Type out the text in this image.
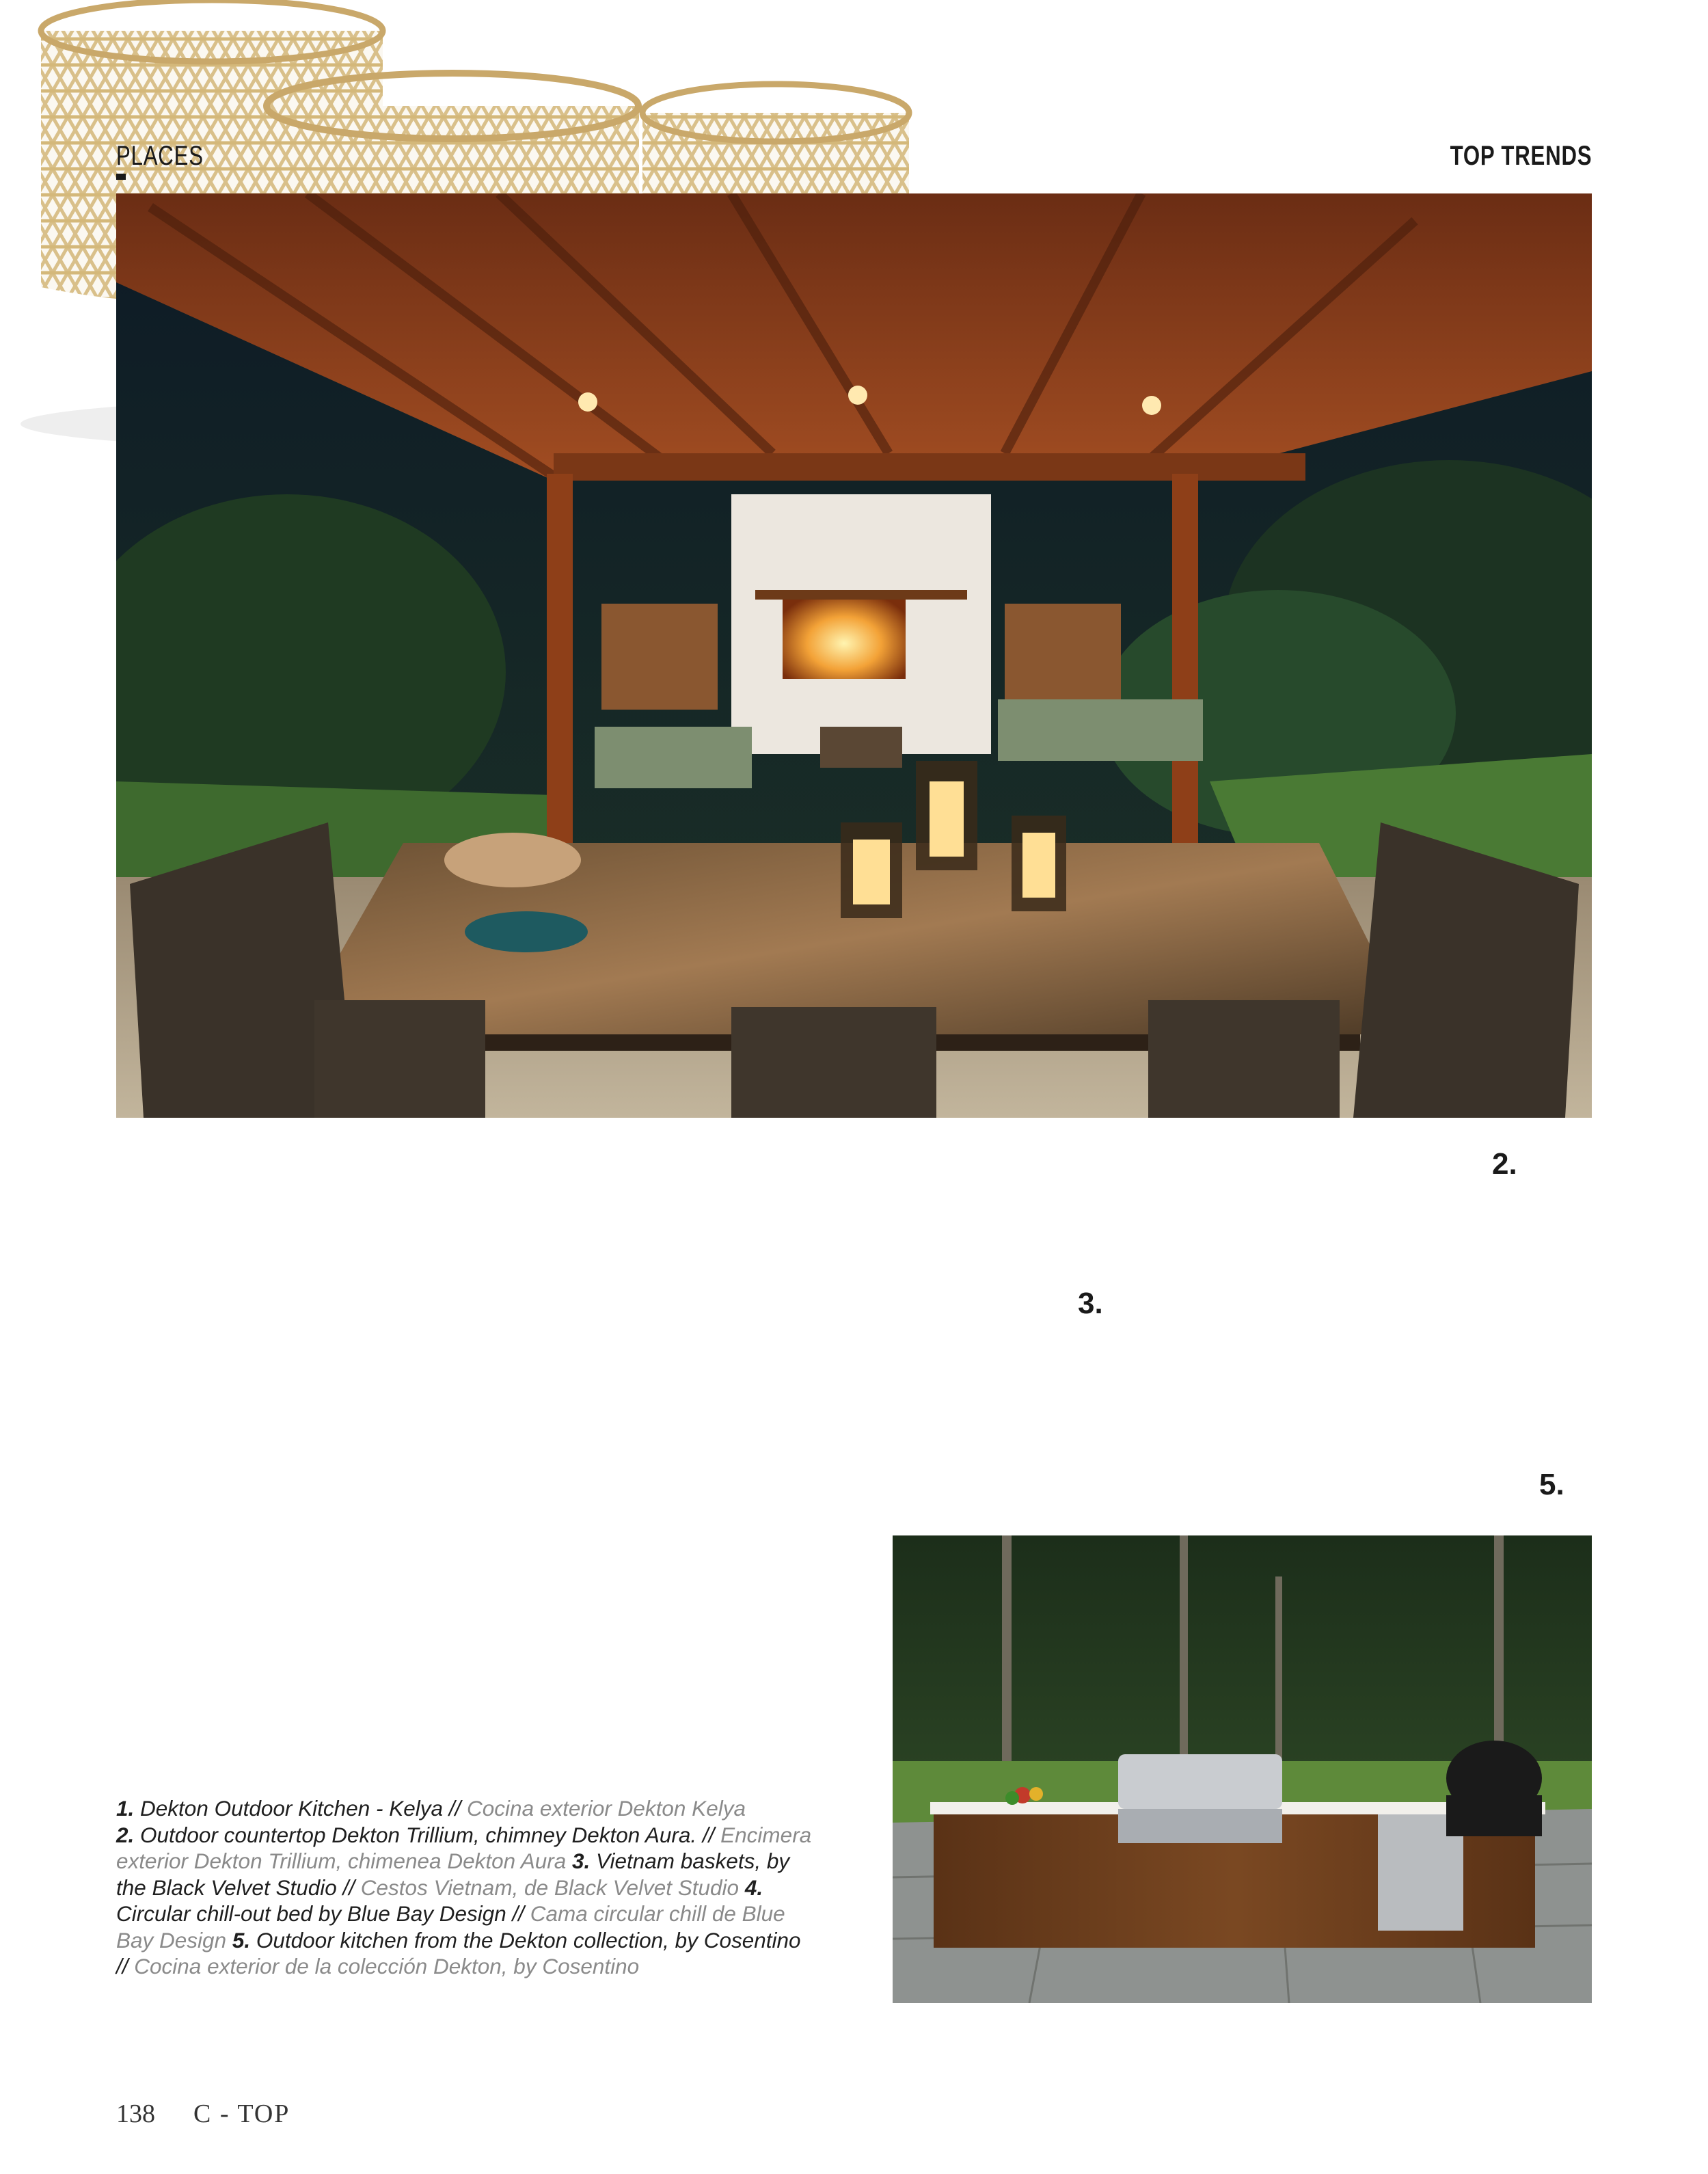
PLACES	TOP TRENDS
2.
3.
5.
1. Dekton Outdoor Kitchen - Kelya // Cocina exterior Dekton Kelya
2. Outdoor countertop Dekton Trillium, chimney Dekton Aura. // Encimera exterior Dekton Trillium, chimenea Dekton Aura 3. Vietnam baskets, by the Black Velvet Studio // Cestos Vietnam, de Black Velvet Studio 4. Circular chill-out bed by Blue Bay Design // Cama circular chill de Blue Bay Design 5. Outdoor kitchen from the Dekton collection, by Cosentino // Cocina exterior de la colección Dekton, by Cosentino
138 C - TOP
